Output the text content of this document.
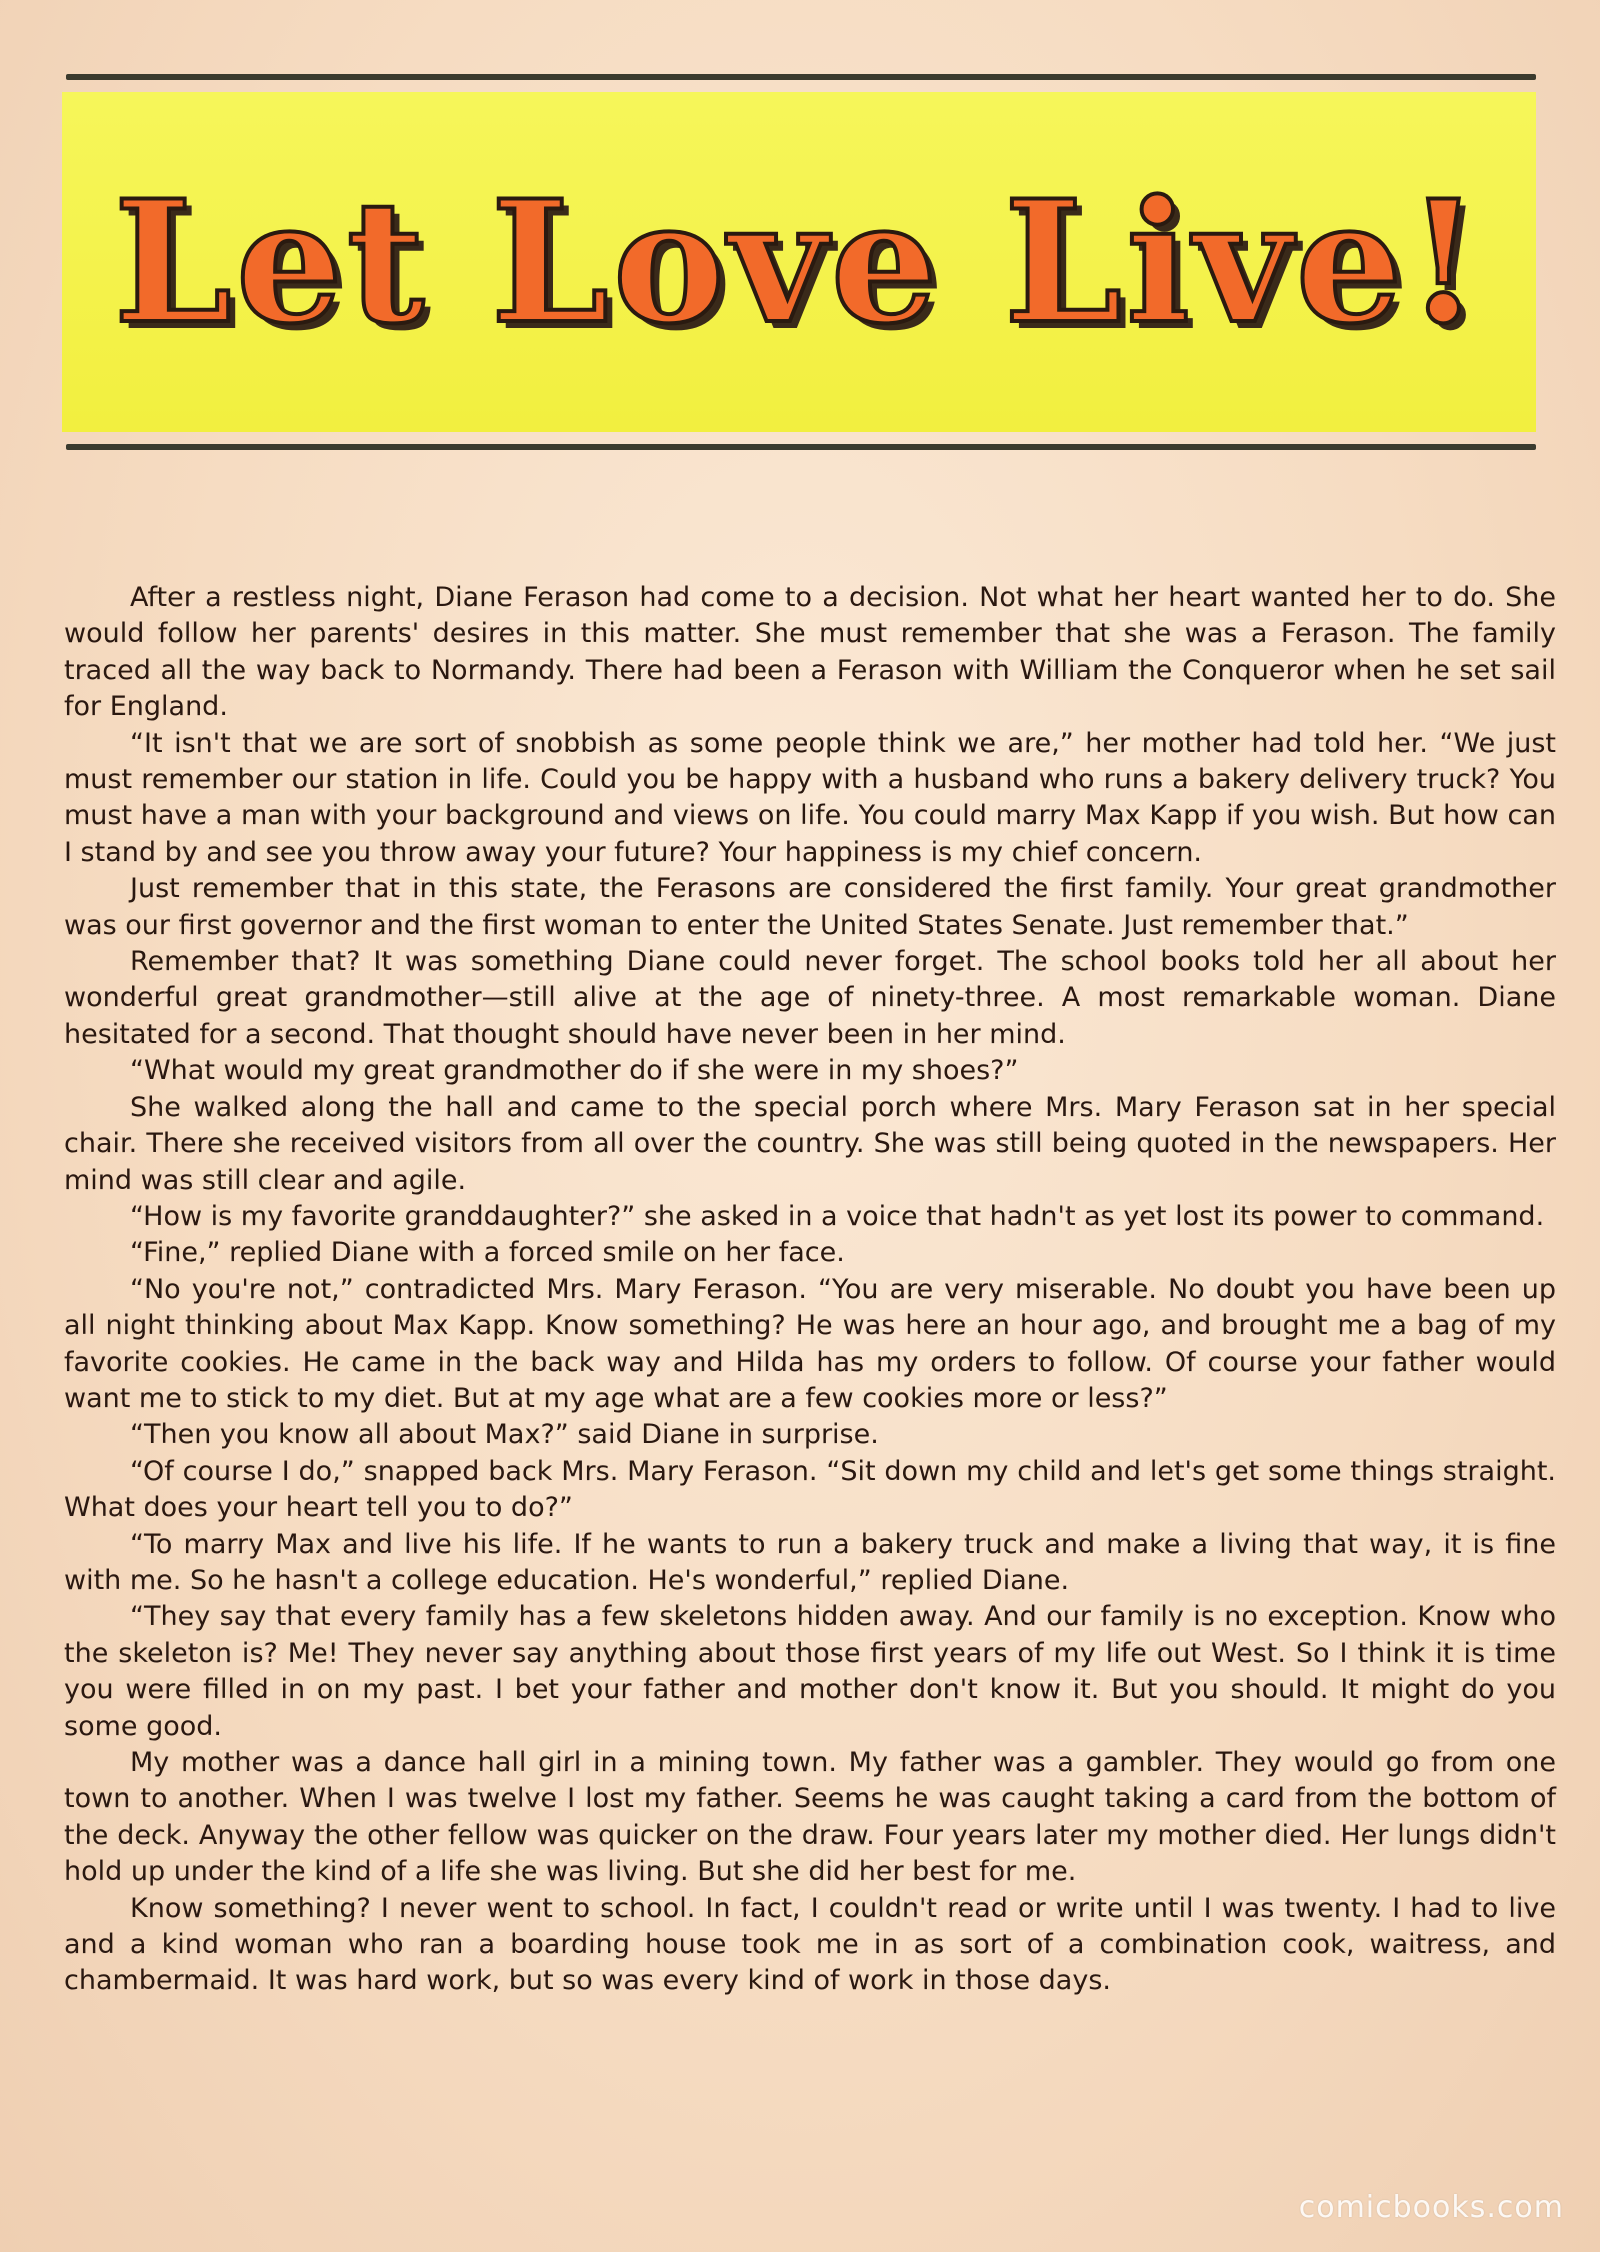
Let Love Live!

After a restless night, Diane Ferason had come to a decision. Not what her heart wanted her to do. She would follow her parents' desires in this matter. She must remember that she was a Ferason. The family traced all the way back to Normandy. There had been a Ferason with William the Conqueror when he set sail for England.

“It isn't that we are sort of snobbish as some people think we are,” her mother had told her. “We just must remember our station in life. Could you be happy with a husband who runs a bakery delivery truck? You must have a man with your background and views on life. You could marry Max Kapp if you wish. But how can I stand by and see you throw away your future? Your happiness is my chief concern.

Just remember that in this state, the Ferasons are considered the first family. Your great grandmother was our first governor and the first woman to enter the United States Senate. Just remember that.”

Remember that? It was something Diane could never forget. The school books told her all about her wonderful great grandmother—still alive at the age of ninety-three. A most remarkable woman. Diane hesitated for a second. That thought should have never been in her mind.

“What would my great grandmother do if she were in my shoes?”

She walked along the hall and came to the special porch where Mrs. Mary Ferason sat in her special chair. There she received visitors from all over the country. She was still being quoted in the newspapers. Her mind was still clear and agile.

“How is my favorite granddaughter?” she asked in a voice that hadn't as yet lost its power to command.

“Fine,” replied Diane with a forced smile on her face.

“No you're not,” contradicted Mrs. Mary Ferason. “You are very miserable. No doubt you have been up all night thinking about Max Kapp. Know something? He was here an hour ago, and brought me a bag of my favorite cookies. He came in the back way and Hilda has my orders to follow. Of course your father would want me to stick to my diet. But at my age what are a few cookies more or less?”

“Then you know all about Max?” said Diane in surprise.

“Of course I do,” snapped back Mrs. Mary Ferason. “Sit down my child and let's get some things straight. What does your heart tell you to do?”

“To marry Max and live his life. If he wants to run a bakery truck and make a living that way, it is fine with me. So he hasn't a college education. He's wonderful,” replied Diane.

“They say that every family has a few skeletons hidden away. And our family is no exception. Know who the skeleton is? Me! They never say anything about those first years of my life out West. So I think it is time you were filled in on my past. I bet your father and mother don't know it. But you should. It might do you some good.

My mother was a dance hall girl in a mining town. My father was a gambler. They would go from one town to another. When I was twelve I lost my father. Seems he was caught taking a card from the bottom of the deck. Anyway the other fellow was quicker on the draw. Four years later my mother died. Her lungs didn't hold up under the kind of a life she was living. But she did her best for me.

Know something? I never went to school. In fact, I couldn't read or write until I was twenty. I had to live and a kind woman who ran a boarding house took me in as sort of a combination cook, waitress, and chambermaid. It was hard work, but so was every kind of work in those days.

comicbooks.com
